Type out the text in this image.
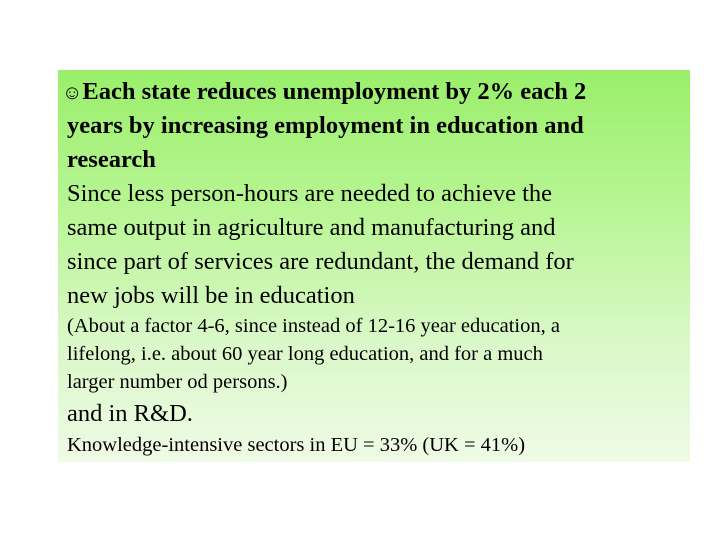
☺Each state reduces unemployment by 2% each 2
years by increasing employment in education and
research
Since less person-hours are needed to achieve the
same output in agriculture and manufacturing and
since part of services are redundant, the demand for
new jobs will be in education
(About a factor 4-6, since instead of 12-16 year education, a
lifelong, i.e. about 60 year long education, and for a much
larger number od persons.)
and in R&D.
Knowledge-intensive sectors in EU = 33% (UK = 41%)
